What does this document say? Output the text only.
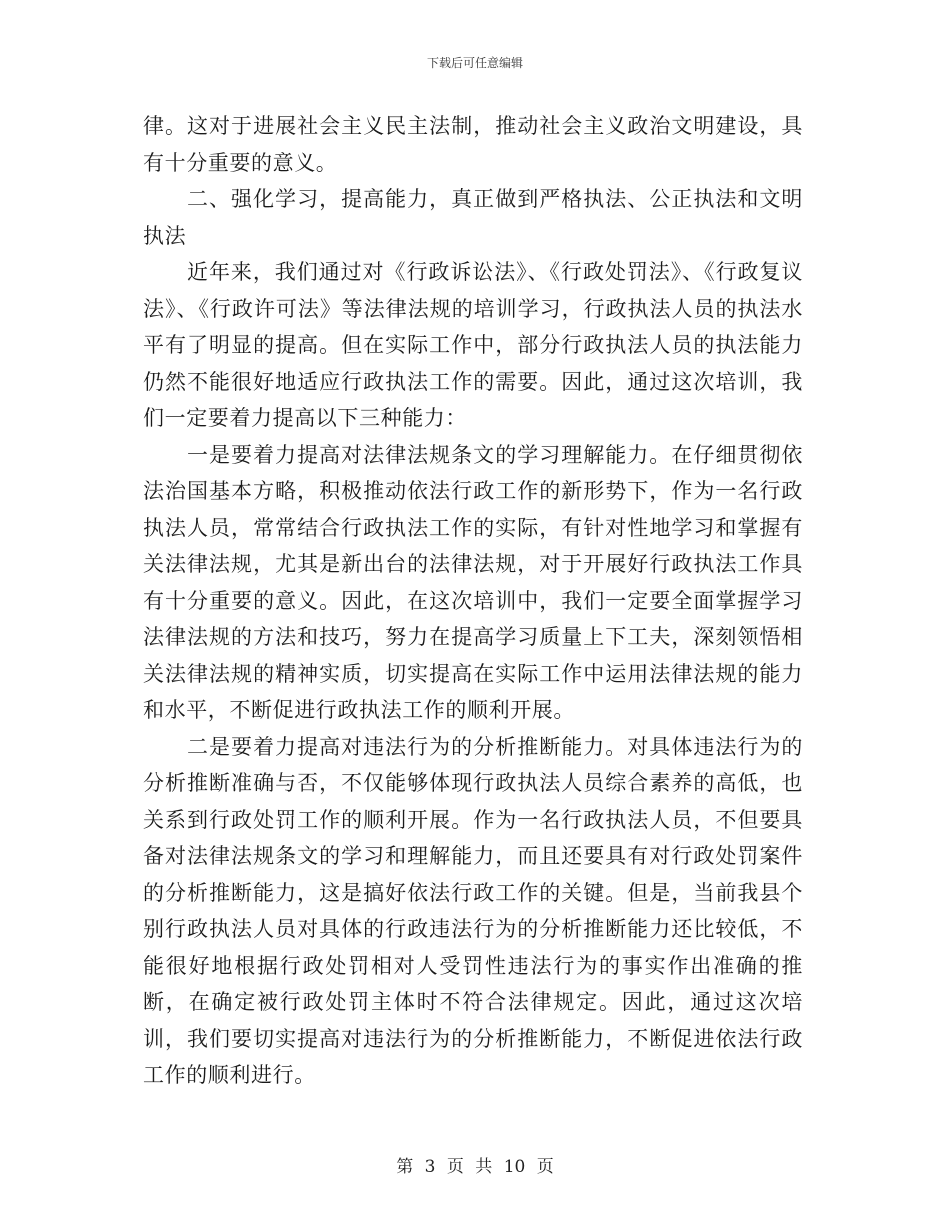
下载后可任意编辑

律。这对于进展社会主义民主法制，推动社会主义政治文明建设，具有十分重要的意义。

二、强化学习，提高能力，真正做到严格执法、公正执法和文明执法

近年来，我们通过对《行政诉讼法》、《行政处罚法》、《行政复议法》、《行政许可法》等法律法规的培训学习，行政执法人员的执法水平有了明显的提高。但在实际工作中，部分行政执法人员的执法能力仍然不能很好地适应行政执法工作的需要。因此，通过这次培训，我们一定要着力提高以下三种能力：

一是要着力提高对法律法规条文的学习理解能力。在仔细贯彻依法治国基本方略，积极推动依法行政工作的新形势下，作为一名行政执法人员，常常结合行政执法工作的实际，有针对性地学习和掌握有关法律法规，尤其是新出台的法律法规，对于开展好行政执法工作具有十分重要的意义。因此，在这次培训中，我们一定要全面掌握学习法律法规的方法和技巧，努力在提高学习质量上下工夫，深刻领悟相关法律法规的精神实质，切实提高在实际工作中运用法律法规的能力和水平，不断促进行政执法工作的顺利开展。

二是要着力提高对违法行为的分析推断能力。对具体违法行为的分析推断准确与否，不仅能够体现行政执法人员综合素养的高低，也关系到行政处罚工作的顺利开展。作为一名行政执法人员，不但要具备对法律法规条文的学习和理解能力，而且还要具有对行政处罚案件的分析推断能力，这是搞好依法行政工作的关键。但是，当前我县个别行政执法人员对具体的行政违法行为的分析推断能力还比较低，不能很好地根据行政处罚相对人受罚性违法行为的事实作出准确的推断，在确定被行政处罚主体时不符合法律规定。因此，通过这次培训，我们要切实提高对违法行为的分析推断能力，不断促进依法行政工作的顺利进行。

第 3 页 共 10 页
